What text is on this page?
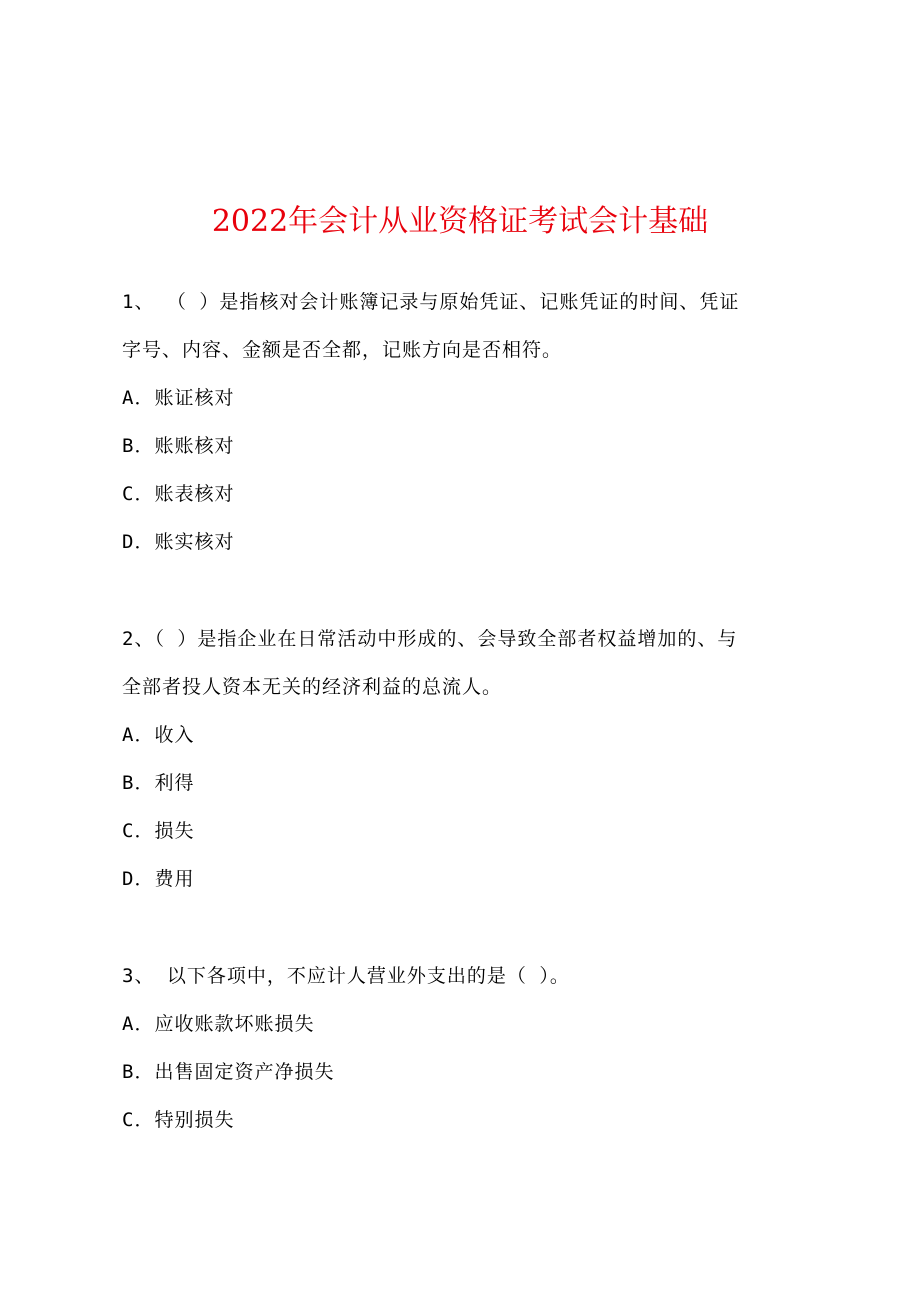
2022年会计从业资格证考试会计基础
1、 （ ）是指核对会计账簿记录与原始凭证、记账凭证的时间、凭证
字号、内容、金额是否全都，记账方向是否相符。
A．账证核对
B．账账核对
C．账表核对
D．账实核对
2、（ ）是指企业在日常活动中形成的、会导致全部者权益增加的、与
全部者投人资本无关的经济利益的总流人。
A．收入
B．利得
C．损失
D．费用
3、 以下各项中，不应计人营业外支出的是（ ）。
A．应收账款坏账损失
B．出售固定资产净损失
C．特别损失
